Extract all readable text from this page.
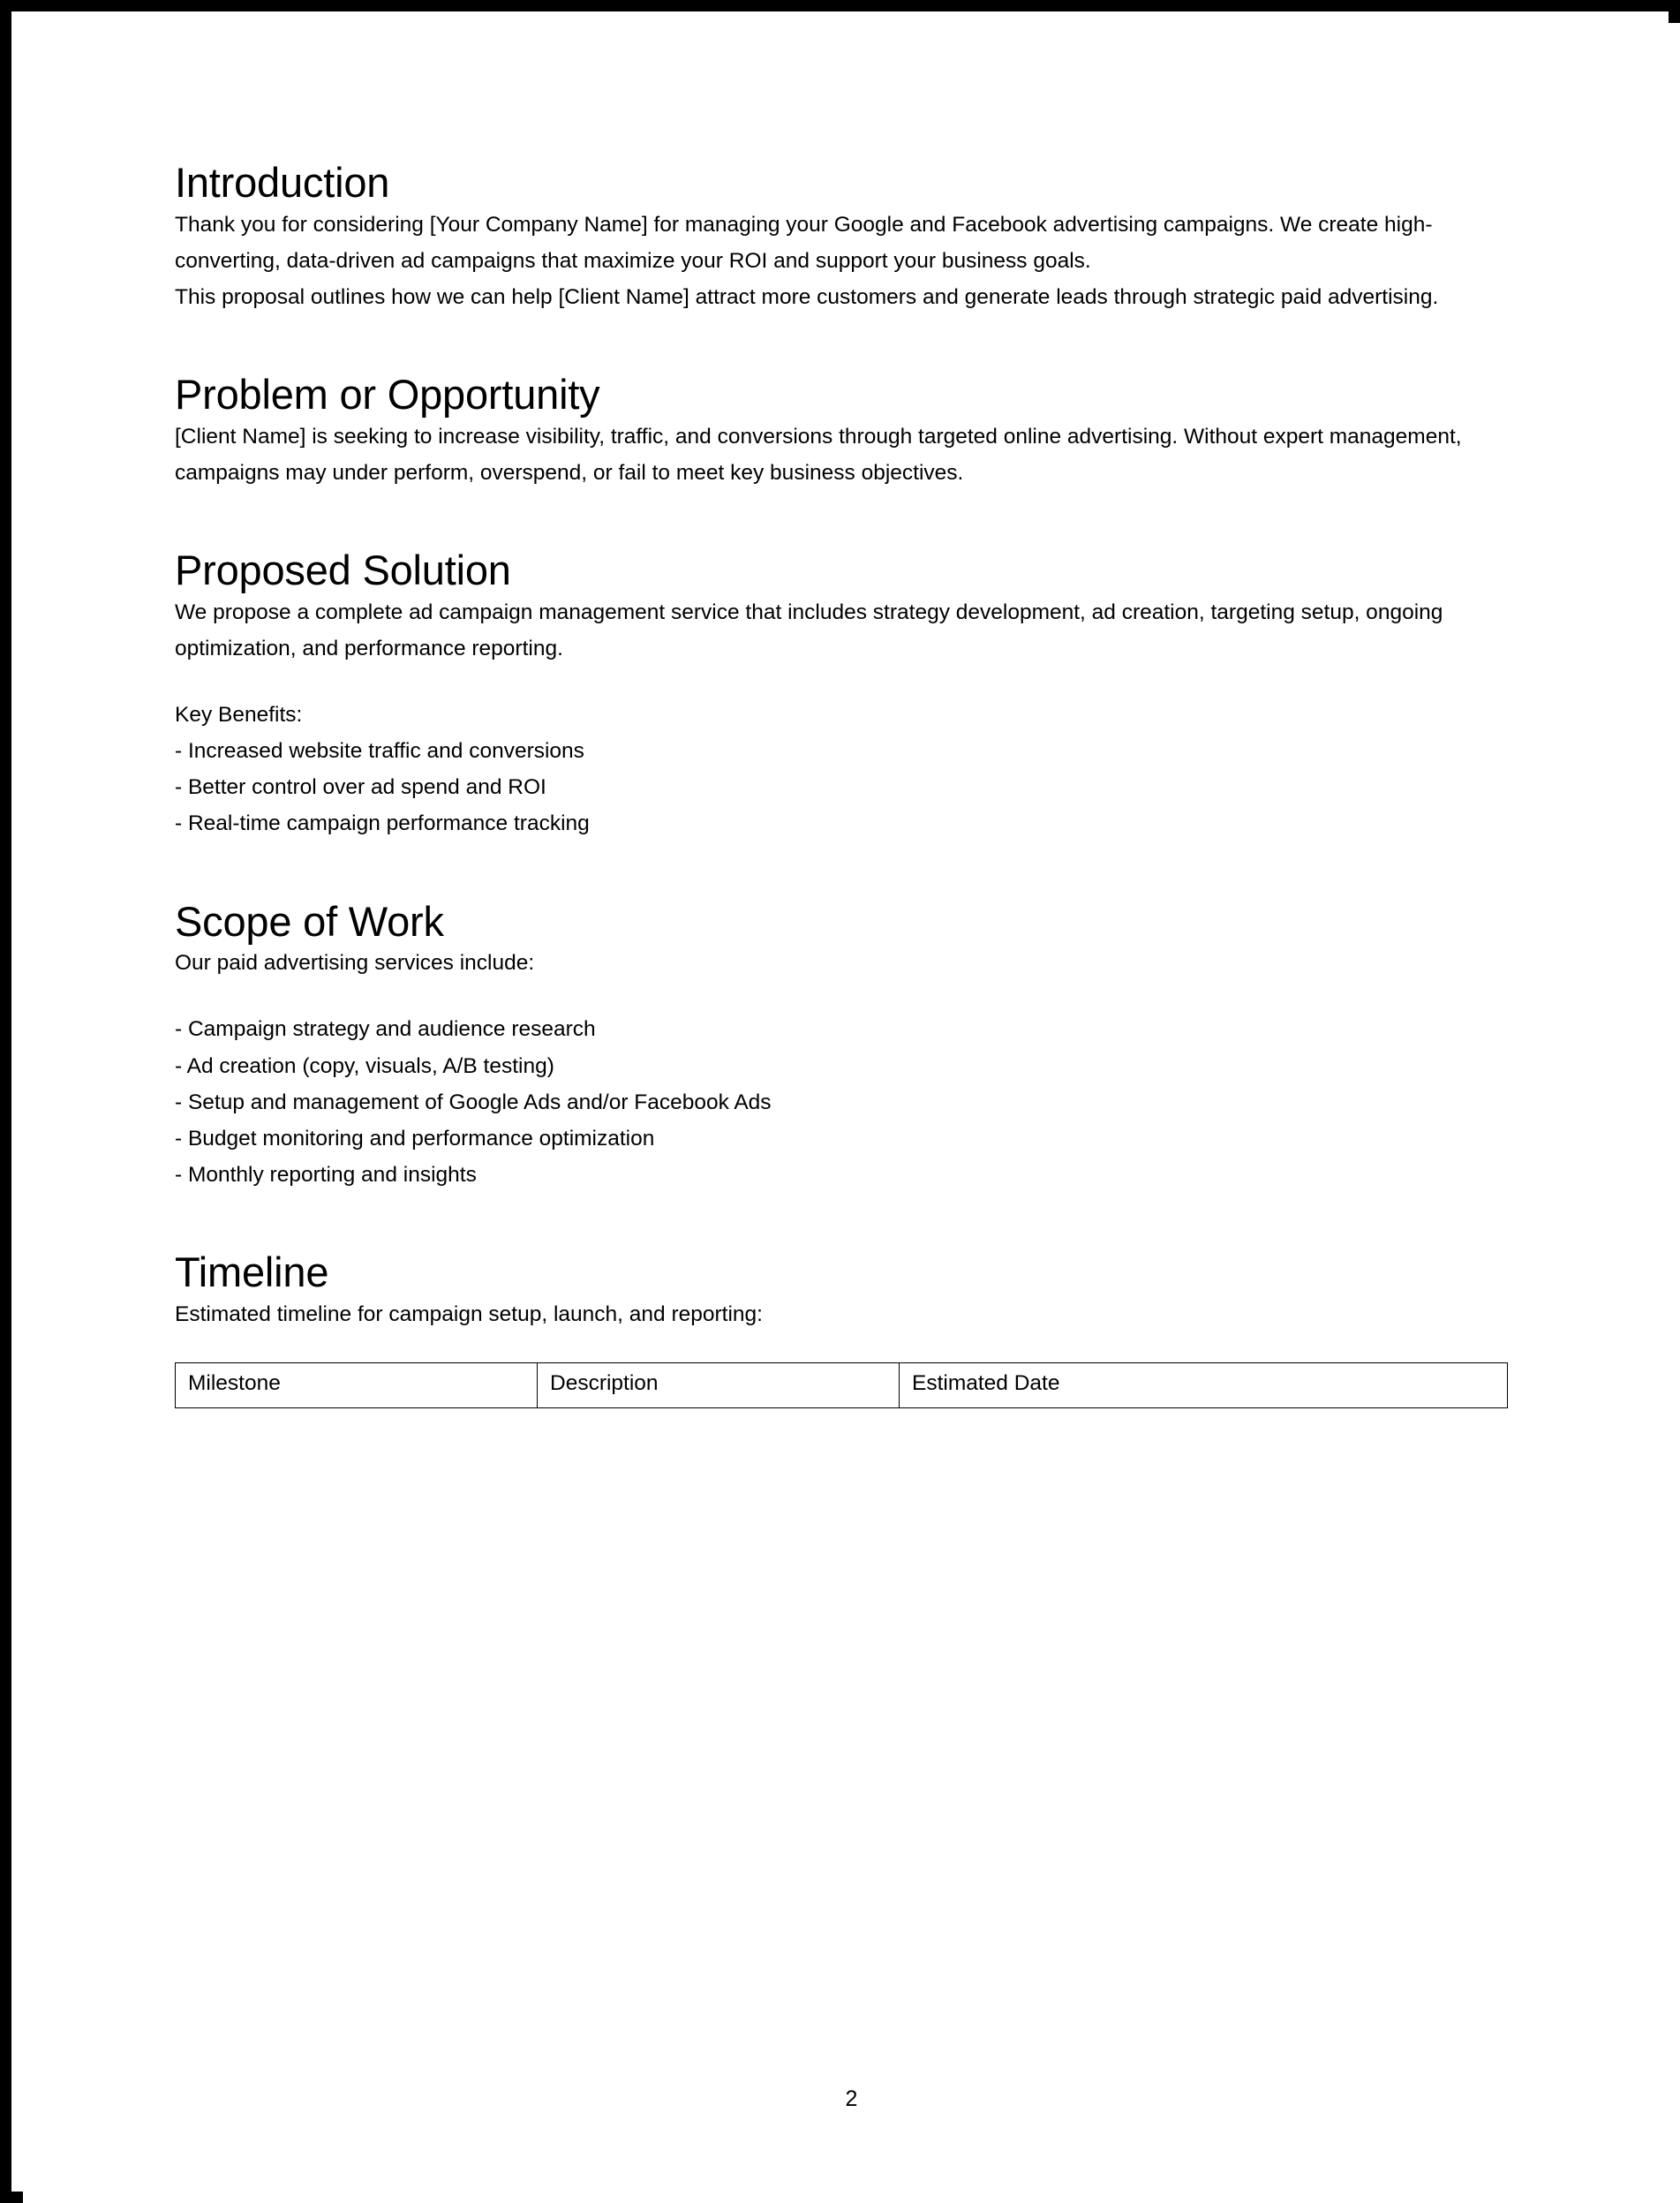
Introduction

Thank you for considering [Your Company Name] for managing your Google and Facebook advertising campaigns. We create high-converting, data-driven ad campaigns that maximize your ROI and support your business goals.

This proposal outlines how we can help [Client Name] attract more customers and generate leads through strategic paid advertising.

Problem or Opportunity

[Client Name] is seeking to increase visibility, traffic, and conversions through targeted online advertising. Without expert management, campaigns may under perform, overspend, or fail to meet key business objectives.

Proposed Solution

We propose a complete ad campaign management service that includes strategy development, ad creation, targeting setup, ongoing optimization, and performance reporting.

Key Benefits:
- Increased website traffic and conversions
- Better control over ad spend and ROI
- Real-time campaign performance tracking
Scope of Work

Our paid advertising services include:

- Campaign strategy and audience research
- Ad creation (copy, visuals, A/B testing)
- Setup and management of Google Ads and/or Facebook Ads
- Budget monitoring and performance optimization
- Monthly reporting and insights
Timeline

Estimated timeline for campaign setup, launch, and reporting:

Milestone	Description	Estimated Date
2
